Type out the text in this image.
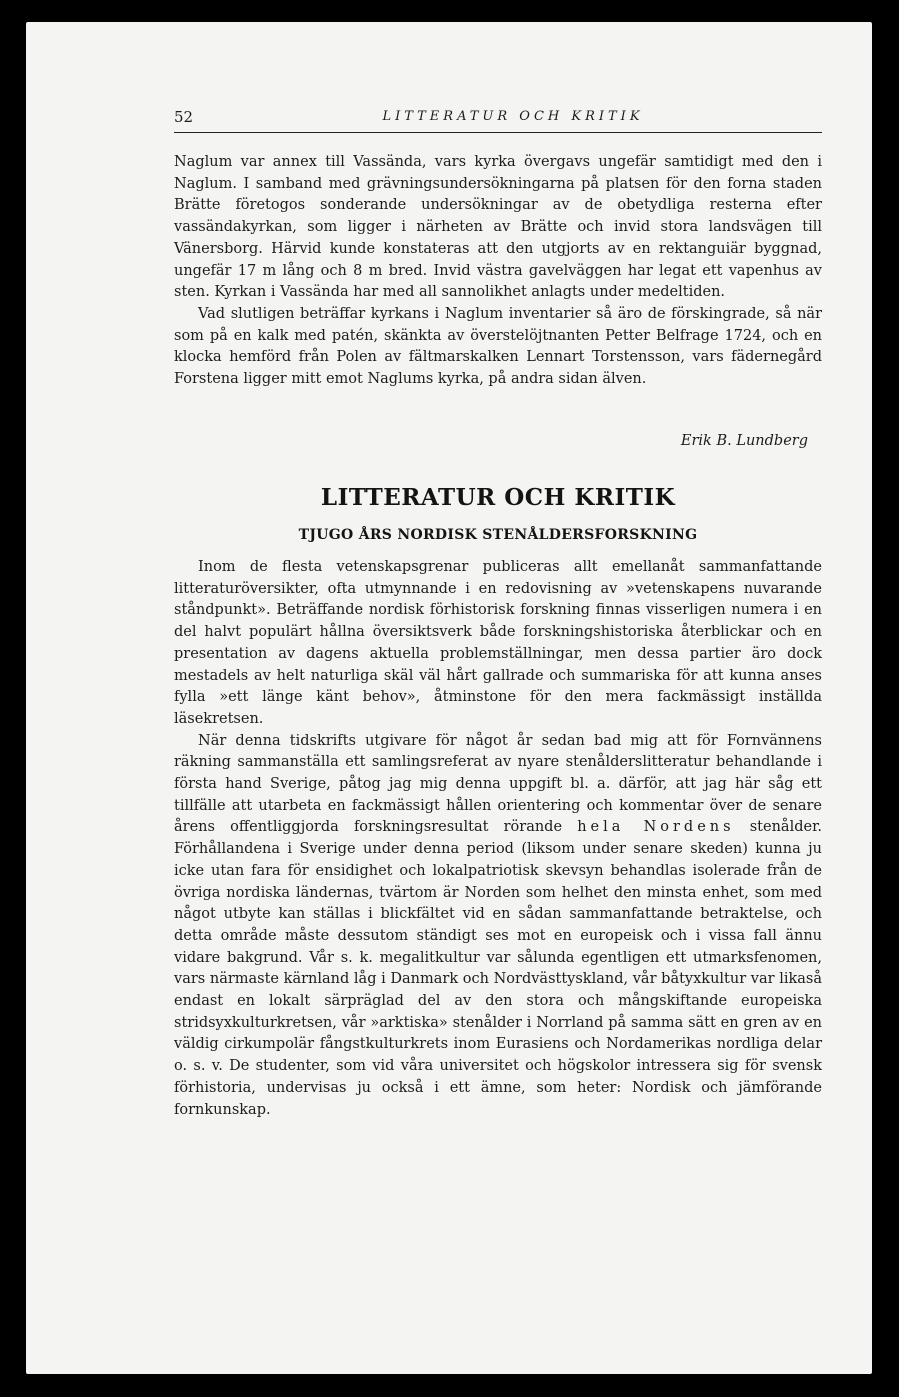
52	LITTERATUR OCH KRITIK

Naglum var annex till Vassända, vars kyrka övergavs ungefär samtidigt med den i Naglum. I samband med grävningsundersökningarna på platsen för den forna staden Brätte företogos sonderande undersökningar av de obetydliga resterna efter vassändakyrkan, som ligger i närheten av Brätte och invid stora landsvägen till Vänersborg. Härvid kunde konstateras att den utgjorts av en rektanguiär byggnad, ungefär 17 m lång och 8 m bred. Invid västra gavelväggen har legat ett vapenhus av sten. Kyrkan i Vassända har med all sannolikhet anlagts under medeltiden.

Vad slutligen beträffar kyrkans i Naglum inventarier så äro de förskingrade, så när som på en kalk med patén, skänkta av överstelöjtnanten Petter Belfrage 1724, och en klocka hemförd från Polen av fältmarskalken Lennart Torstensson, vars fädernegård Forstena ligger mitt emot Naglums kyrka, på andra sidan älven.

Erik B. Lundberg
LITTERATUR OCH KRITIK
TJUGO ÅRS NORDISK STENÅLDERSFORSKNING

Inom de flesta vetenskapsgrenar publiceras allt emellanåt sammanfattande litteraturöversikter, ofta utmynnande i en redovisning av »vetenskapens nuvarande ståndpunkt». Beträffande nordisk förhistorisk forskning finnas visserligen numera i en del halvt populärt hållna översiktsverk både forskningshistoriska återblickar och en presentation av dagens aktuella problemställningar, men dessa partier äro dock mestadels av helt naturliga skäl väl hårt gallrade och summariska för att kunna anses fylla »ett länge känt behov», åtminstone för den mera fackmässigt inställda läsekretsen.

När denna tidskrifts utgivare för något år sedan bad mig att för Fornvännens räkning sammanställa ett samlingsreferat av nyare stenålderslitteratur behandlande i första hand Sverige, påtog jag mig denna uppgift bl. a. därför, att jag här såg ett tillfälle att utarbeta en fackmässigt hållen orientering och kommentar över de senare årens offentliggjorda forskningsresultat rörande hela Nordens stenålder. Förhållandena i Sverige under denna period (liksom under senare skeden) kunna ju icke utan fara för ensidighet och lokalpatriotisk skevsyn behandlas isolerade från de övriga nordiska ländernas, tvärtom är Norden som helhet den minsta enhet, som med något utbyte kan ställas i blickfältet vid en sådan sammanfattande betraktelse, och detta område måste dessutom ständigt ses mot en europeisk och i vissa fall ännu vidare bakgrund. Vår s. k. megalitkultur var sålunda egentligen ett utmarksfenomen, vars närmaste kärnland låg i Danmark och Nordvästtyskland, vår båtyxkultur var likaså endast en lokalt särpräglad del av den stora och mångskiftande europeiska stridsyxkulturkretsen, vår »arktiska» stenålder i Norrland på samma sätt en gren av en väldig cirkumpolär fångstkulturkrets inom Eurasiens och Nordamerikas nordliga delar o. s. v. De studenter, som vid våra universitet och högskolor intressera sig för svensk förhistoria, undervisas ju också i ett ämne, som heter: Nordisk och jämförande fornkunskap.
